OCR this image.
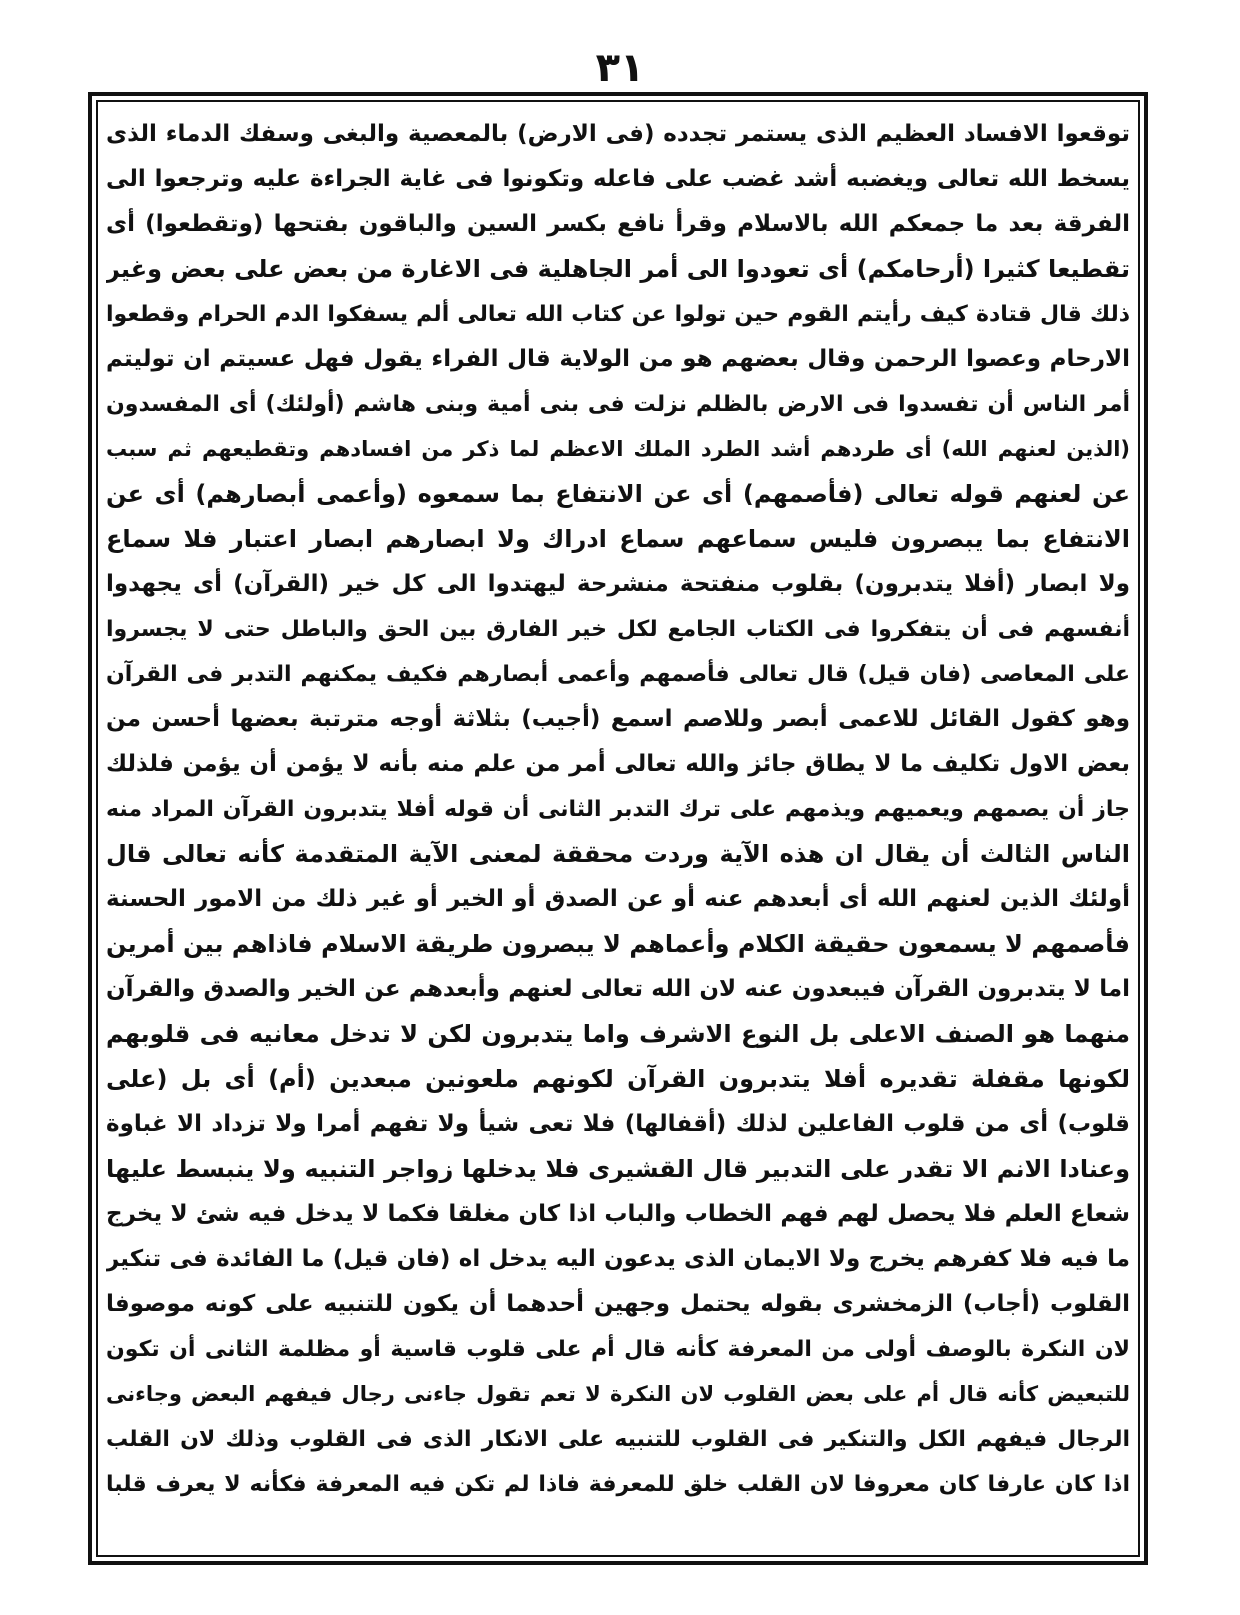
٣١
توقعوا الافساد العظيم الذى يستمر تجدده (فى الارض) بالمعصية والبغى وسفك الدماء الذى
يسخط الله تعالى ويغضبه أشد غضب على فاعله وتكونوا فى غاية الجراءة عليه وترجعوا الى
الفرقة بعد ما جمعكم الله بالاسلام وقرأ نافع بكسر السين والباقون بفتحها (وتقطعوا) أى
تقطيعا كثيرا (أرحامكم) أى تعودوا الى أمر الجاهلية فى الاغارة من بعض على بعض وغير
ذلك قال قتادة كيف رأيتم القوم حين تولوا عن كتاب الله تعالى ألم يسفكوا الدم الحرام وقطعوا
الارحام وعصوا الرحمن وقال بعضهم هو من الولاية قال الفراء يقول فهل عسيتم ان توليتم
أمر الناس أن تفسدوا فى الارض بالظلم نزلت فى بنى أمية وبنى هاشم (أولئك) أى المفسدون
(الذين لعنهم الله) أى طردهم أشد الطرد الملك الاعظم لما ذكر من افسادهم وتقطيعهم ثم سبب
عن لعنهم قوله تعالى (فأصمهم) أى عن الانتفاع بما سمعوه (وأعمى أبصارهم) أى عن
الانتفاع بما يبصرون فليس سماعهم سماع ادراك ولا ابصارهم ابصار اعتبار فلا سماع
ولا ابصار (أفلا يتدبرون) بقلوب منفتحة منشرحة ليهتدوا الى كل خير (القرآن) أى يجهدوا
أنفسهم فى أن يتفكروا فى الكتاب الجامع لكل خير الفارق بين الحق والباطل حتى لا يجسروا
على المعاصى (فان قيل) قال تعالى فأصمهم وأعمى أبصارهم فكيف يمكنهم التدبر فى القرآن
وهو كقول القائل للاعمى أبصر وللاصم اسمع (أجيب) بثلاثة أوجه مترتبة بعضها أحسن من
بعض الاول تكليف ما لا يطاق جائز والله تعالى أمر من علم منه بأنه لا يؤمن أن يؤمن فلذلك
جاز أن يصمهم ويعميهم ويذمهم على ترك التدبر الثانى أن قوله أفلا يتدبرون القرآن المراد منه
الناس الثالث أن يقال ان هذه الآية وردت محققة لمعنى الآية المتقدمة كأنه تعالى قال
أولئك الذين لعنهم الله أى أبعدهم عنه أو عن الصدق أو الخير أو غير ذلك من الامور الحسنة
فأصمهم لا يسمعون حقيقة الكلام وأعماهم لا يبصرون طريقة الاسلام فاذاهم بين أمرين
اما لا يتدبرون القرآن فيبعدون عنه لان الله تعالى لعنهم وأبعدهم عن الخير والصدق والقرآن
منهما هو الصنف الاعلى بل النوع الاشرف واما يتدبرون لكن لا تدخل معانيه فى قلوبهم
لكونها مقفلة تقديره أفلا يتدبرون القرآن لكونهم ملعونين مبعدين (أم) أى بل (على
قلوب) أى من قلوب الفاعلين لذلك (أقفالها) فلا تعى شيأ ولا تفهم أمرا ولا تزداد الا غباوة
وعنادا الانم الا تقدر على التدبير قال القشيرى فلا يدخلها زواجر التنبيه ولا ينبسط عليها
شعاع العلم فلا يحصل لهم فهم الخطاب والباب اذا كان مغلقا فكما لا يدخل فيه شئ لا يخرج
ما فيه فلا كفرهم يخرج ولا الايمان الذى يدعون اليه يدخل اه (فان قيل) ما الفائدة فى تنكير
القلوب (أجاب) الزمخشرى بقوله يحتمل وجهين أحدهما أن يكون للتنبيه على كونه موصوفا
لان النكرة بالوصف أولى من المعرفة كأنه قال أم على قلوب قاسية أو مظلمة الثانى أن تكون
للتبعيض كأنه قال أم على بعض القلوب لان النكرة لا تعم تقول جاءنى رجال فيفهم البعض وجاءنى
الرجال فيفهم الكل والتنكير فى القلوب للتنبيه على الانكار الذى فى القلوب وذلك لان القلب
اذا كان عارفا كان معروفا لان القلب خلق للمعرفة فاذا لم تكن فيه المعرفة فكأنه لا يعرف قلبا
